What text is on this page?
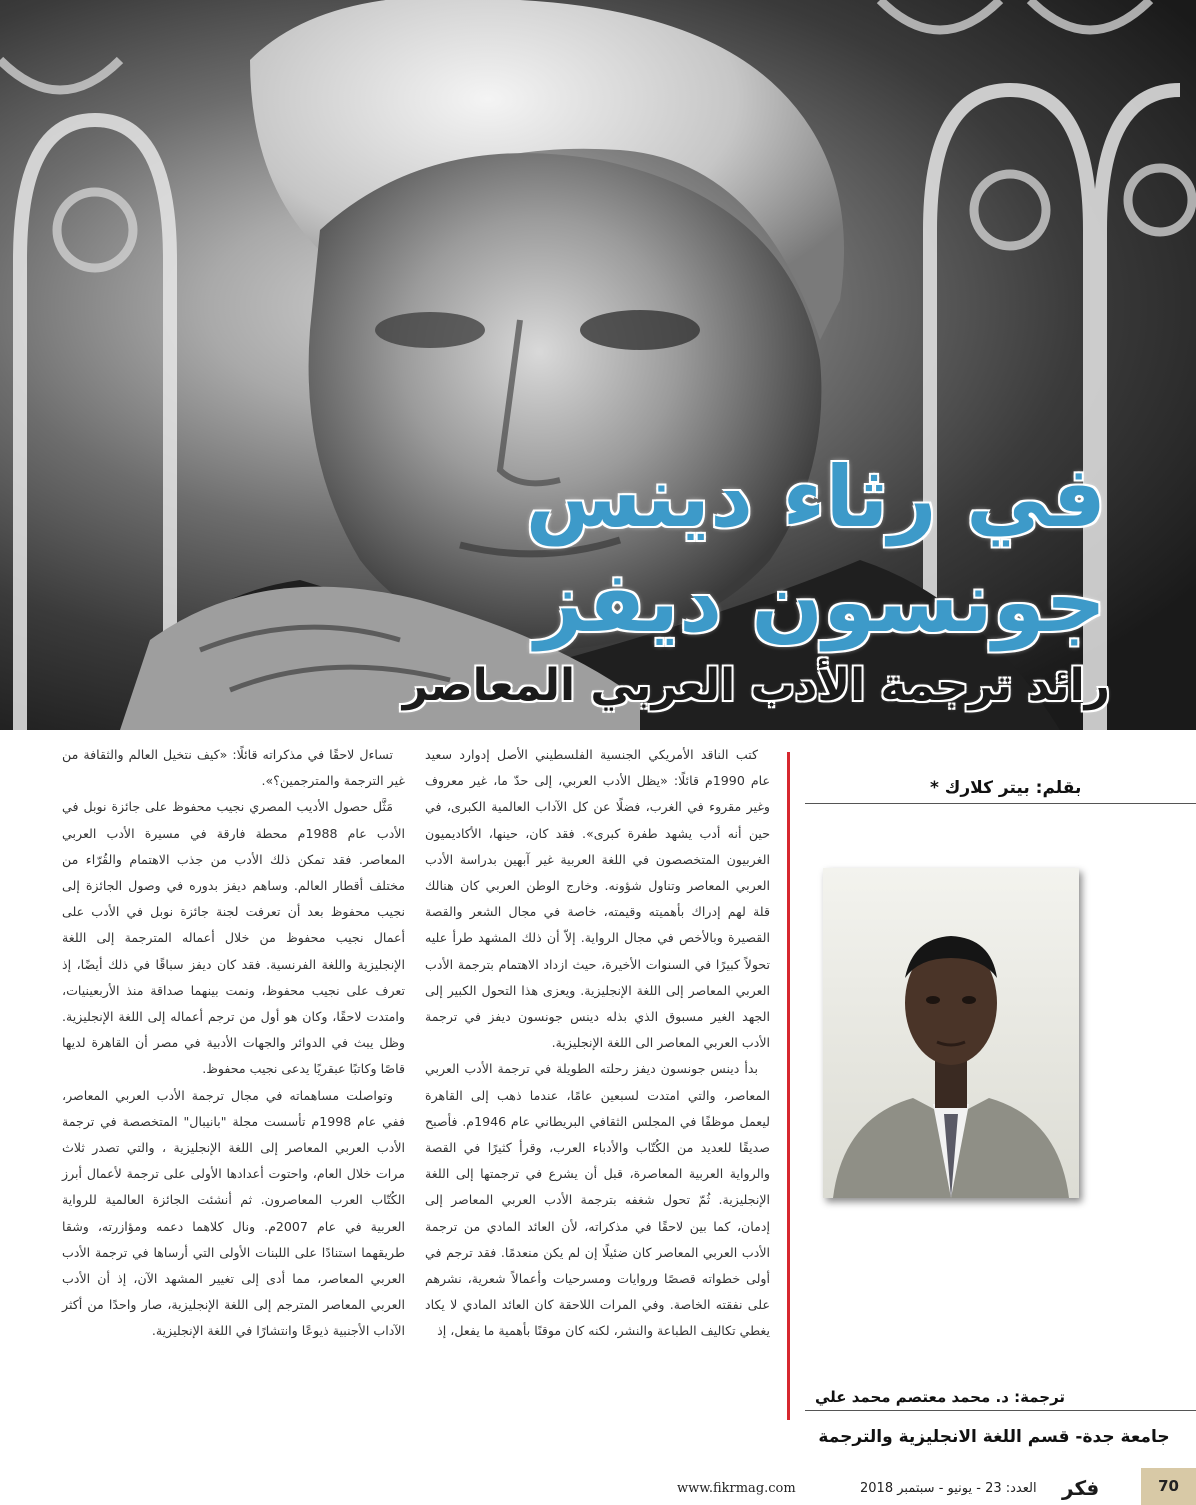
في رثاء دينس
جونسون ديفز
رائد ترجمة الأدب العربي المعاصر

كتب الناقد الأمريكي الجنسية الفلسطيني الأصل إدوارد سعيد عام 1990م قائلًا: «يظل الأدب العربي، إلى حدّ ما، غير معروف وغير مقروء في الغرب، فضلًا عن كل الآداب العالمية الكبرى، في حين أنه أدب يشهد طفرة كبرى». فقد كان، حينها، الأكاديميون الغربيون المتخصصون في اللغة العربية غير آبهين بدراسة الأدب العربي المعاصر وتناول شؤونه. وخارج الوطن العربي كان هنالك قلة لهم إدراك بأهميته وقيمته، خاصة في مجال الشعر والقصة القصيرة وبالأخص في مجال الرواية. إلاّ أن ذلك المشهد طرأ عليه تحولاً كبيرًا في السنوات الأخيرة، حيث ازداد الاهتمام بترجمة الأدب العربي المعاصر إلى اللغة الإنجليزية. ويعزى هذا التحول الكبير إلى الجهد الغير مسبوق الذي بذله دينس جونسون ديفز في ترجمة الأدب العربي المعاصر الى اللغة الإنجليزية.

بدأ دينس جونسون ديفز رحلته الطويلة في ترجمة الأدب العربي المعاصر، والتي امتدت لسبعين عامًا، عندما ذهب إلى القاهرة ليعمل موظفًا في المجلس الثقافي البريطاني عام 1946م. فأصبح صديقًا للعديد من الكُتّاب والأدباء العرب، وقرأ كثيرًا في القصة والرواية العربية المعاصرة، قبل أن يشرع في ترجمتها إلى اللغة الإنجليزية. ثُمّ تحول شغفه بترجمة الأدب العربي المعاصر إلى إدمان، كما بين لاحقًا في مذكراته، لأن العائد المادي من ترجمة الأدب العربي المعاصر كان ضئيلًا إن لم يكن منعدمًا. فقد ترجم في أولى خطواته قصصًا وروايات ومسرحيات وأعمالاً شعرية، نشرهم على نفقته الخاصة. وفي المرات اللاحقة كان العائد المادي لا يكاد يغطي تكاليف الطباعة والنشر، لكنه كان موقنًا بأهمية ما يفعل، إذ

تساءل لاحقًا في مذكراته قائلًا: «كيف نتخيل العالم والثقافة من غير الترجمة والمترجمين؟».

مَثَّل حصول الأديب المصري نجيب محفوظ على جائزة نوبل في الأدب عام 1988م محطة فارقة في مسيرة الأدب العربي المعاصر. فقد تمكن ذلك الأدب من جذب الاهتمام والقُرّاء من مختلف أقطار العالم. وساهم ديفز بدوره في وصول الجائزة إلى نجيب محفوظ بعد أن تعرفت لجنة جائزة نوبل في الأدب على أعمال نجيب محفوظ من خلال أعماله المترجمة إلى اللغة الإنجليزية واللغة الفرنسية. فقد كان ديفز سباقًا في ذلك أيضًا، إذ تعرف على نجيب محفوظ، ونمت بينهما صداقة منذ الأربعينيات، وامتدت لاحقًا، وكان هو أول من ترجم أعماله إلى اللغة الإنجليزية. وظل يبث في الدوائر والجهات الأدبية في مصر أن القاهرة لديها قاصًا وكاتبًا عبقريًا يدعى نجيب محفوظ.

وتواصلت مساهماته في مجال ترجمة الأدب العربي المعاصر، ففي عام 1998م تأسست مجلة "بانيبال" المتخصصة في ترجمة الأدب العربي المعاصر إلى اللغة الإنجليزية ، والتي تصدر ثلاث مرات خلال العام، واحتوت أعدادها الأولى على ترجمة لأعمال أبرز الكُتّاب العرب المعاصرون. ثم أنشئت الجائزة العالمية للرواية العربية في عام 2007م. ونال كلاهما دعمه ومؤازرته، وشقا طريقهما استنادًا على اللبنات الأولى التي أرساها في ترجمة الأدب العربي المعاصر، مما أدى إلى تغيير المشهد الآن، إذ أن الأدب العربي المعاصر المترجم إلى اللغة الإنجليزية، صار واحدًا من أكثر الآداب الأجنبية ذيوعًا وانتشارًا في اللغة الإنجليزية.

بقلم: بيتر كلارك *
ترجمة: د. محمد معتصم محمد علي
جامعة جدة- قسم اللغة الانجليزية والترجمة
www.fikrmag.com	العدد: 23 - يونيو - سبتمبر 2018 فكر	70
